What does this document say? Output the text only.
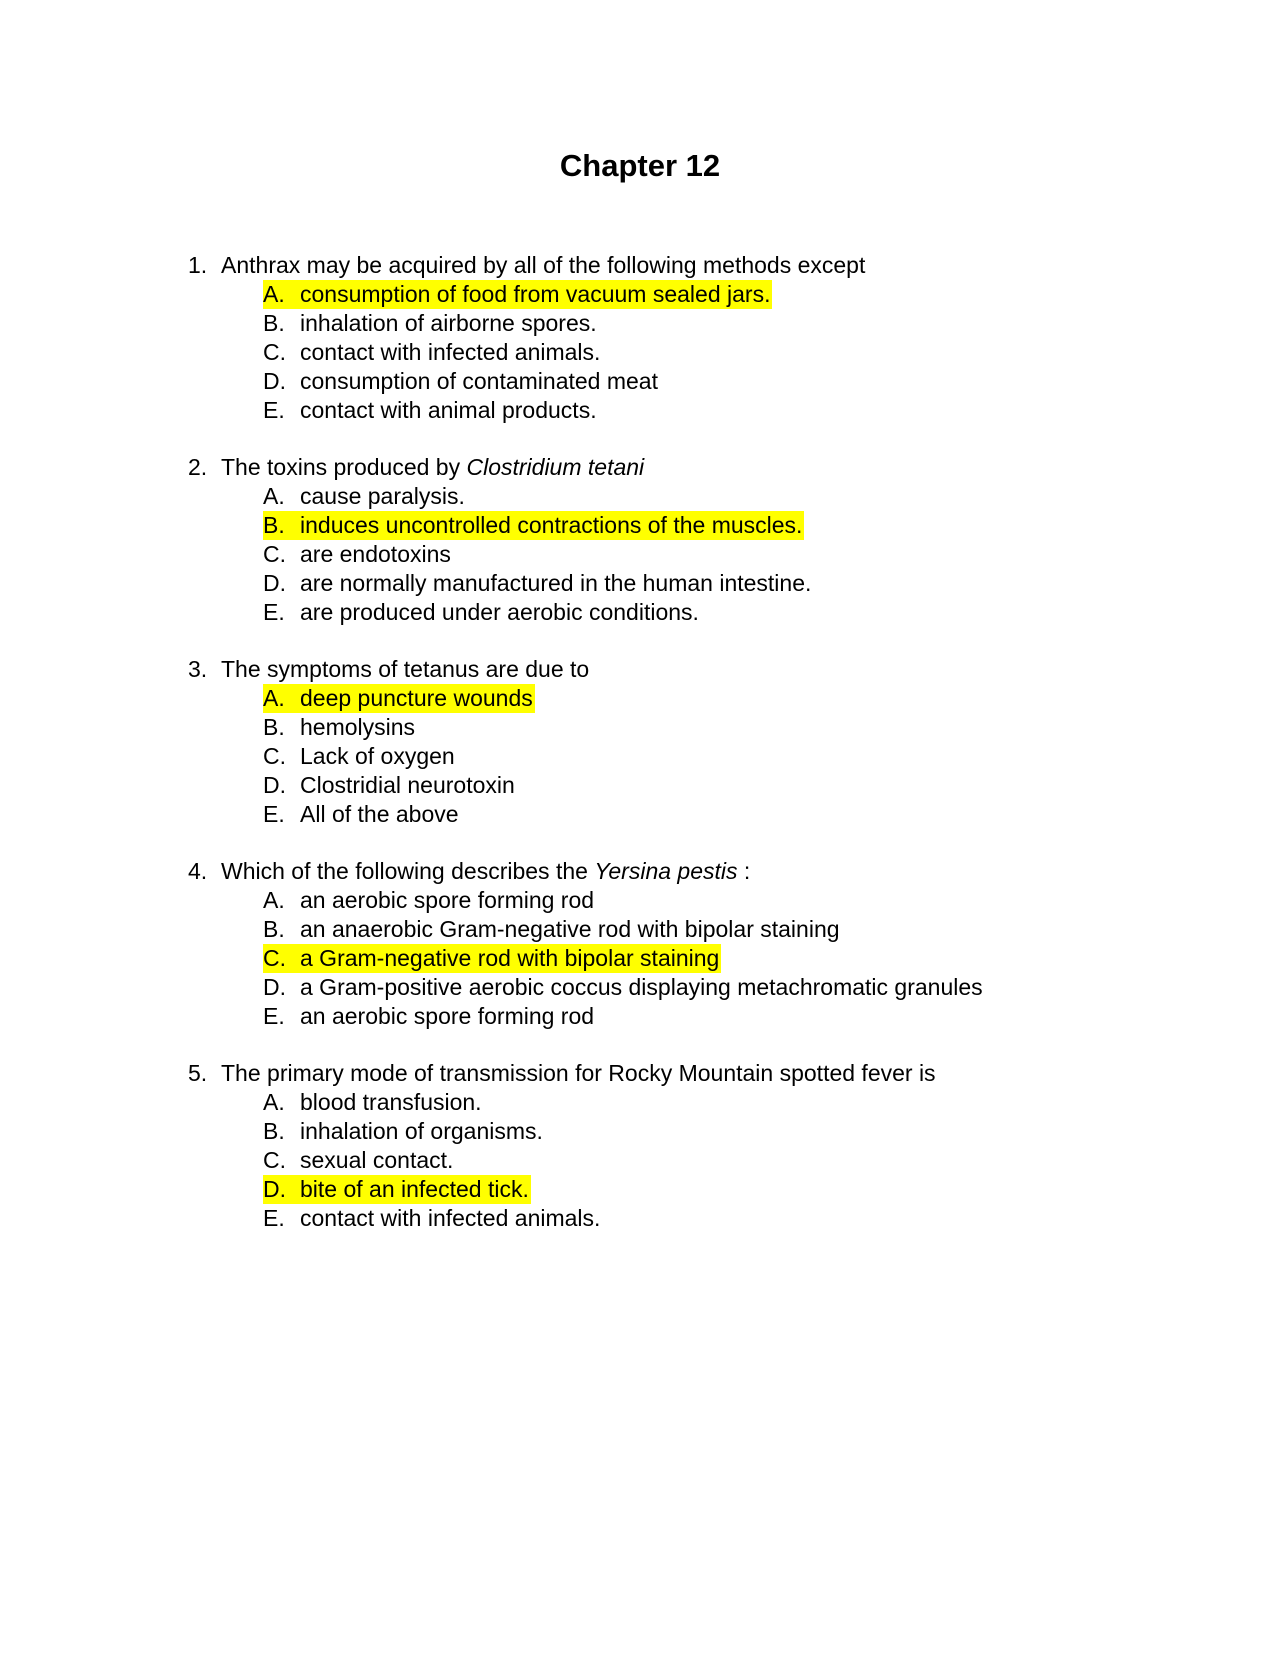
Chapter 12
1. Anthrax may be acquired by all of the following methods except
A. consumption of food from vacuum sealed jars.
B. inhalation of airborne spores.
C. contact with infected animals.
D. consumption of contaminated meat
E. contact with animal products.
2. The toxins produced by Clostridium tetani
A. cause paralysis.
B. induces uncontrolled contractions of the muscles.
C. are endotoxins
D. are normally manufactured in the human intestine.
E. are produced under aerobic conditions.
3. The symptoms of tetanus are due to
A. deep puncture wounds
B. hemolysins
C. Lack of oxygen
D. Clostridial neurotoxin
E. All of the above
4. Which of the following describes the Yersina pestis :
A. an aerobic spore forming rod
B. an anaerobic Gram-negative rod with bipolar staining
C. a Gram-negative rod with bipolar staining
D. a Gram-positive aerobic coccus displaying metachromatic granules
E. an aerobic spore forming rod
5. The primary mode of transmission for Rocky Mountain spotted fever is
A. blood transfusion.
B. inhalation of organisms.
C. sexual contact.
D. bite of an infected tick.
E. contact with infected animals.
